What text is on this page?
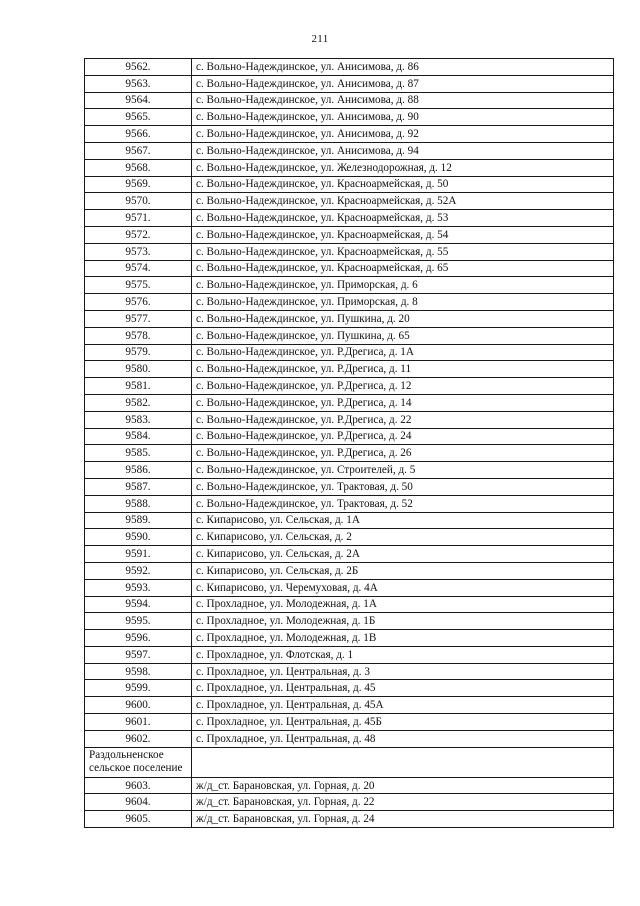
211
9562.	с. Вольно-Надеждинское, ул. Анисимова, д. 86
9563.	с. Вольно-Надеждинское, ул. Анисимова, д. 87
9564.	с. Вольно-Надеждинское, ул. Анисимова, д. 88
9565.	с. Вольно-Надеждинское, ул. Анисимова, д. 90
9566.	с. Вольно-Надеждинское, ул. Анисимова, д. 92
9567.	с. Вольно-Надеждинское, ул. Анисимова, д. 94
9568.	с. Вольно-Надеждинское, ул. Железнодорожная, д. 12
9569.	с. Вольно-Надеждинское, ул. Красноармейская, д. 50
9570.	с. Вольно-Надеждинское, ул. Красноармейская, д. 52А
9571.	с. Вольно-Надеждинское, ул. Красноармейская, д. 53
9572.	с. Вольно-Надеждинское, ул. Красноармейская, д. 54
9573.	с. Вольно-Надеждинское, ул. Красноармейская, д. 55
9574.	с. Вольно-Надеждинское, ул. Красноармейская, д. 65
9575.	с. Вольно-Надеждинское, ул. Приморская, д. 6
9576.	с. Вольно-Надеждинское, ул. Приморская, д. 8
9577.	с. Вольно-Надеждинское, ул. Пушкина, д. 20
9578.	с. Вольно-Надеждинское, ул. Пушкина, д. 65
9579.	с. Вольно-Надеждинское, ул. Р.Дрегиса, д. 1А
9580.	с. Вольно-Надеждинское, ул. Р.Дрегиса, д. 11
9581.	с. Вольно-Надеждинское, ул. Р.Дрегиса, д. 12
9582.	с. Вольно-Надеждинское, ул. Р.Дрегиса, д. 14
9583.	с. Вольно-Надеждинское, ул. Р.Дрегиса, д. 22
9584.	с. Вольно-Надеждинское, ул. Р.Дрегиса, д. 24
9585.	с. Вольно-Надеждинское, ул. Р.Дрегиса, д. 26
9586.	с. Вольно-Надеждинское, ул. Строителей, д. 5
9587.	с. Вольно-Надеждинское, ул. Трактовая, д. 50
9588.	с. Вольно-Надеждинское, ул. Трактовая, д. 52
9589.	с. Кипарисово, ул. Сельская, д. 1А
9590.	с. Кипарисово, ул. Сельская, д. 2
9591.	с. Кипарисово, ул. Сельская, д. 2А
9592.	с. Кипарисово, ул. Сельская, д. 2Б
9593.	с. Кипарисово, ул. Черемуховая, д. 4А
9594.	с. Прохладное, ул. Молодежная, д. 1А
9595.	с. Прохладное, ул. Молодежная, д. 1Б
9596.	с. Прохладное, ул. Молодежная, д. 1В
9597.	с. Прохладное, ул. Флотская, д. 1
9598.	с. Прохладное, ул. Центральная, д. 3
9599.	с. Прохладное, ул. Центральная, д. 45
9600.	с. Прохладное, ул. Центральная, д. 45А
9601.	с. Прохладное, ул. Центральная, д. 45Б
9602.	с. Прохладное, ул. Центральная, д. 48
Раздольненское сельское поселение	
9603.	ж/д_ст. Барановская, ул. Горная, д. 20
9604.	ж/д_ст. Барановская, ул. Горная, д. 22
9605.	ж/д_ст. Барановская, ул. Горная, д. 24
